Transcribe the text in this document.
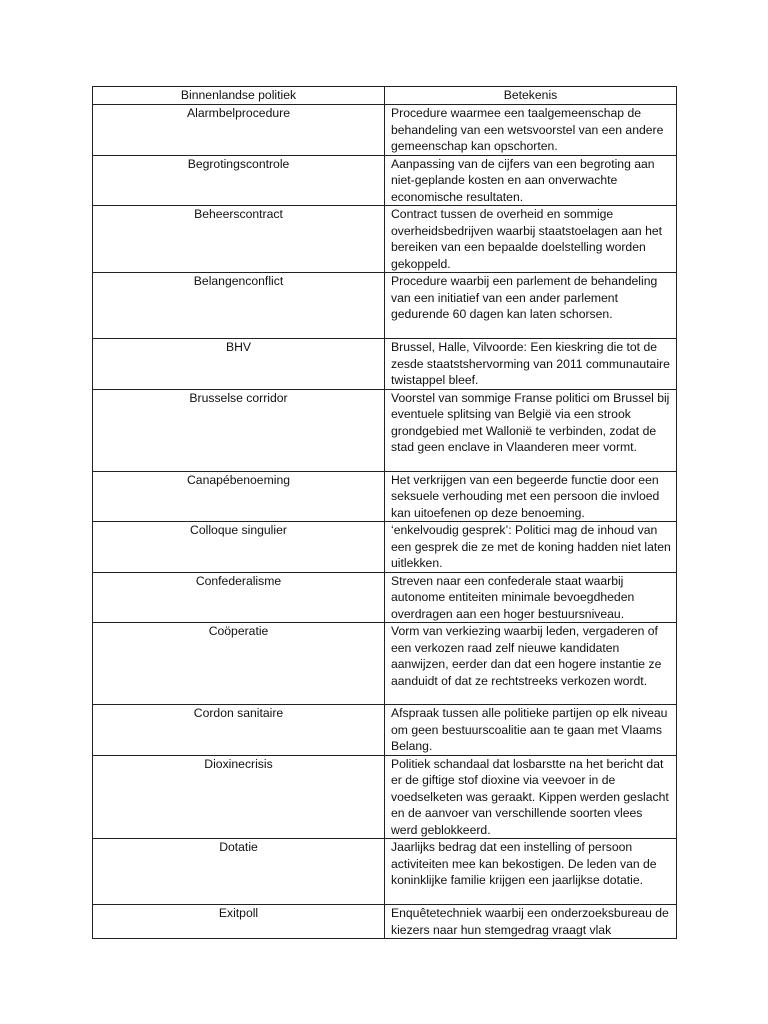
Binnenlandse politiek	Betekenis
Alarmbelprocedure	Procedure waarmee een taalgemeenschap de behandeling van een wetsvoorstel van een andere gemeenschap kan opschorten.
Begrotingscontrole	Aanpassing van de cijfers van een begroting aan niet-geplande kosten en aan onverwachte economische resultaten.
Beheerscontract	Contract tussen de overheid en sommige overheidsbedrijven waarbij staatstoelagen aan het bereiken van een bepaalde doelstelling worden gekoppeld.
Belangenconflict	Procedure waarbij een parlement de behandeling van een initiatief van een ander parlement gedurende 60 dagen kan laten schorsen.
BHV	Brussel, Halle, Vilvoorde: Een kieskring die tot de zesde staatstshervorming van 2011 communautaire twistappel bleef.
Brusselse corridor	Voorstel van sommige Franse politici om Brussel bij eventuele splitsing van België via een strook grondgebied met Wallonië te verbinden, zodat de stad geen enclave in Vlaanderen meer vormt.
Canapébenoeming	Het verkrijgen van een begeerde functie door een seksuele verhouding met een persoon die invloed kan uitoefenen op deze benoeming.
Colloque singulier	‘enkelvoudig gesprek’: Politici mag de inhoud van een gesprek die ze met de koning hadden niet laten uitlekken.
Confederalisme	Streven naar een confederale staat waarbij autonome entiteiten minimale bevoegdheden overdragen aan een hoger bestuursniveau.
Coöperatie	Vorm van verkiezing waarbij leden, vergaderen of een verkozen raad zelf nieuwe kandidaten aanwijzen, eerder dan dat een hogere instantie ze aanduidt of dat ze rechtstreeks verkozen wordt.
Cordon sanitaire	Afspraak tussen alle politieke partijen op elk niveau om geen bestuurscoalitie aan te gaan met Vlaams Belang.
Dioxinecrisis	Politiek schandaal dat losbarstte na het bericht dat er de giftige stof dioxine via veevoer in de voedselketen was geraakt. Kippen werden geslacht en de aanvoer van verschillende soorten vlees werd geblokkeerd.
Dotatie	Jaarlijks bedrag dat een instelling of persoon activiteiten mee kan bekostigen. De leden van de koninklijke familie krijgen een jaarlijkse dotatie.
Exitpoll	Enquêtetechniek waarbij een onderzoeksbureau de kiezers naar hun stemgedrag vraagt vlak
